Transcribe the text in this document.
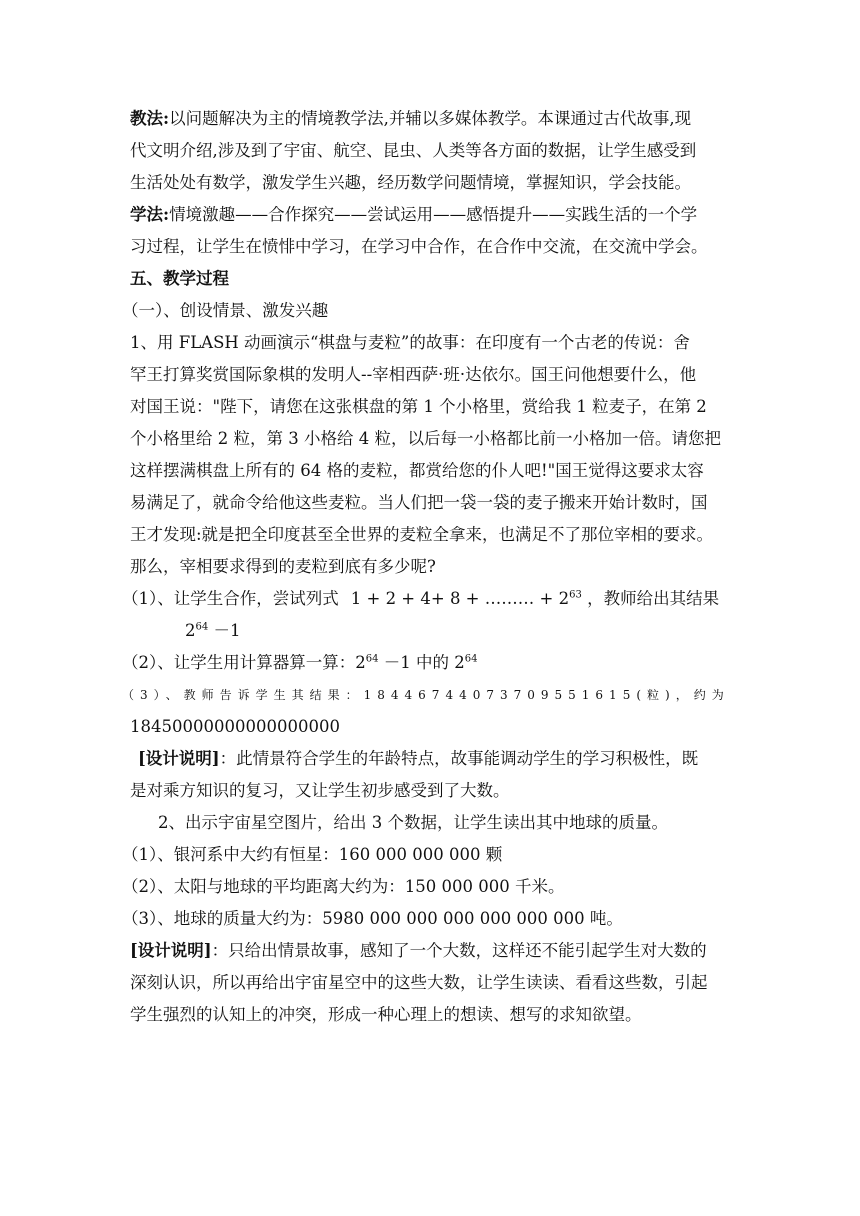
教法:以问题解决为主的情境教学法,并辅以多媒体教学。本课通过古代故事,现

代文明介绍,涉及到了宇宙、航空、昆虫、人类等各方面的数据，让学生感受到

生活处处有数学，激发学生兴趣，经历数学问题情境，掌握知识，学会技能。

学法:情境激趣——合作探究——尝试运用——感悟提升——实践生活的一个学

习过程，让学生在愤悱中学习，在学习中合作，在合作中交流，在交流中学会。

五、教学过程

（一）、创设情景、激发兴趣

1、用 FLASH 动画演示“棋盘与麦粒”的故事：在印度有一个古老的传说：舍

罕王打算奖赏国际象棋的发明人--宰相西萨·班·达依尔。国王问他想要什么，他

对国王说："陛下，请您在这张棋盘的第 1 个小格里，赏给我 1 粒麦子，在第 2

个小格里给 2 粒，第 3 小格给 4 粒，以后每一小格都比前一小格加一倍。请您把

这样摆满棋盘上所有的 64 格的麦粒，都赏给您的仆人吧!"国王觉得这要求太容

易满足了，就命令给他这些麦粒。当人们把一袋一袋的麦子搬来开始计数时，国

王才发现:就是把全印度甚至全世界的麦粒全拿来，也满足不了那位宰相的要求。

那么，宰相要求得到的麦粒到底有多少呢?

（1）、让学生合作，尝试列式 1 + 2 + 4+ 8 + ……… + $2^{63}$ ，教师给出其结果

$2^{64} -1$

（2）、让学生用计算器算一算：$2^{64} -1$ 中的 $2^{64}$

（3）、教师告诉学生其结果：18446744073709551615(粒)，约为

18450000000000000000

[设计说明]：此情景符合学生的年龄特点，故事能调动学生的学习积极性，既

是对乘方知识的复习，又让学生初步感受到了大数。

2、出示宇宙星空图片，给出 3 个数据，让学生读出其中地球的质量。

（1）、银河系中大约有恒星：160 000 000 000 颗

（2）、太阳与地球的平均距离大约为：150 000 000 千米。

（3）、地球的质量大约为：5980 000 000 000 000 000 000 吨。

[设计说明]：只给出情景故事，感知了一个大数，这样还不能引起学生对大数的

深刻认识，所以再给出宇宙星空中的这些大数，让学生读读、看看这些数，引起

学生强烈的认知上的冲突，形成一种心理上的想读、想写的求知欲望。
